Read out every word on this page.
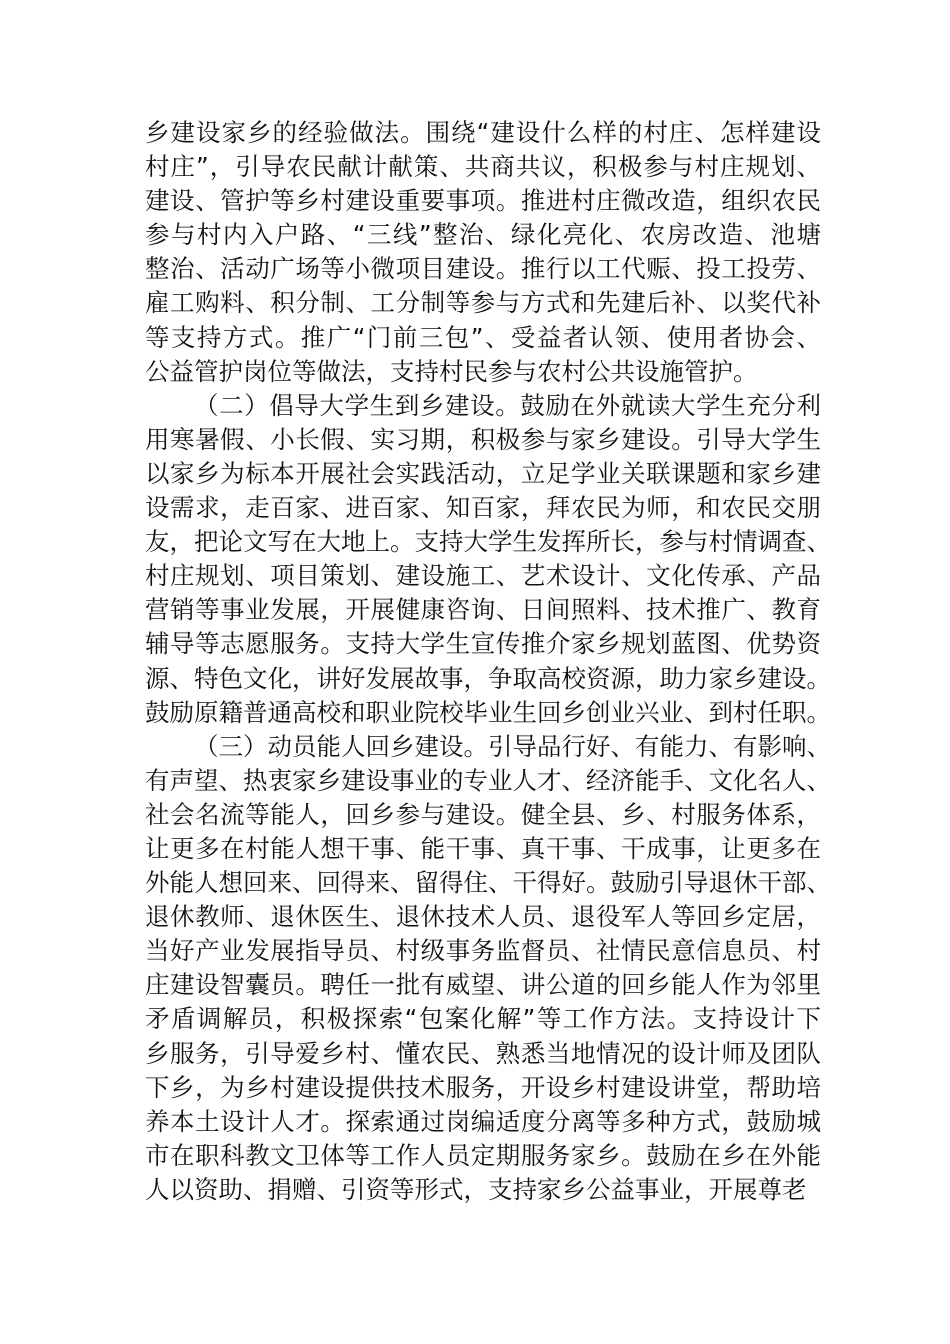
乡建设家乡的经验做法。围绕“建设什么样的村庄、怎样建设
村庄”，引导农民献计献策、共商共议，积极参与村庄规划、
建设、管护等乡村建设重要事项。推进村庄微改造，组织农民
参与村内入户路、“三线”整治、绿化亮化、农房改造、池塘
整治、活动广场等小微项目建设。推行以工代赈、投工投劳、
雇工购料、积分制、工分制等参与方式和先建后补、以奖代补
等支持方式。推广“门前三包”、受益者认领、使用者协会、
公益管护岗位等做法，支持村民参与农村公共设施管护。
（二）倡导大学生到乡建设。鼓励在外就读大学生充分利
用寒暑假、小长假、实习期，积极参与家乡建设。引导大学生
以家乡为标本开展社会实践活动，立足学业关联课题和家乡建
设需求，走百家、进百家、知百家，拜农民为师，和农民交朋
友，把论文写在大地上。支持大学生发挥所长，参与村情调查、
村庄规划、项目策划、建设施工、艺术设计、文化传承、产品
营销等事业发展，开展健康咨询、日间照料、技术推广、教育
辅导等志愿服务。支持大学生宣传推介家乡规划蓝图、优势资
源、特色文化，讲好发展故事，争取高校资源，助力家乡建设。
鼓励原籍普通高校和职业院校毕业生回乡创业兴业、到村任职。
（三）动员能人回乡建设。引导品行好、有能力、有影响、
有声望、热衷家乡建设事业的专业人才、经济能手、文化名人、
社会名流等能人，回乡参与建设。健全县、乡、村服务体系，
让更多在村能人想干事、能干事、真干事、干成事，让更多在
外能人想回来、回得来、留得住、干得好。鼓励引导退休干部、
退休教师、退休医生、退休技术人员、退役军人等回乡定居，
当好产业发展指导员、村级事务监督员、社情民意信息员、村
庄建设智囊员。聘任一批有威望、讲公道的回乡能人作为邻里
矛盾调解员，积极探索“包案化解”等工作方法。支持设计下
乡服务，引导爱乡村、懂农民、熟悉当地情况的设计师及团队
下乡，为乡村建设提供技术服务，开设乡村建设讲堂，帮助培
养本土设计人才。探索通过岗编适度分离等多种方式，鼓励城
市在职科教文卫体等工作人员定期服务家乡。鼓励在乡在外能
人以资助、捐赠、引资等形式，支持家乡公益事业，开展尊老
